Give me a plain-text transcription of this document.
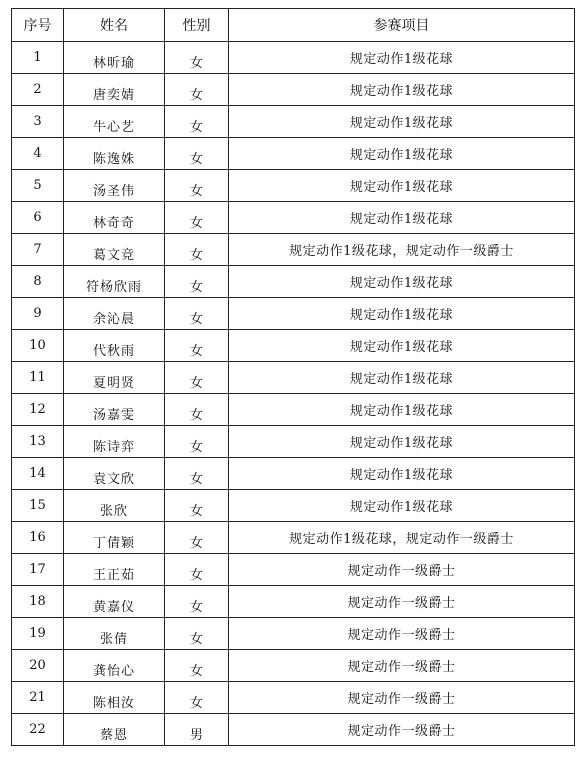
序号	姓名	性别	参赛项目
1	林昕瑜	女	规定动作1级花球
2	唐奕婧	女	规定动作1级花球
3	牛心艺	女	规定动作1级花球
4	陈逸姝	女	规定动作1级花球
5	汤圣伟	女	规定动作1级花球
6	林奇奇	女	规定动作1级花球
7	葛文竞	女	规定动作1级花球，规定动作一级爵士
8	符杨欣雨	女	规定动作1级花球
9	余沁晨	女	规定动作1级花球
10	代秋雨	女	规定动作1级花球
11	夏明贤	女	规定动作1级花球
12	汤嘉雯	女	规定动作1级花球
13	陈诗弈	女	规定动作1级花球
14	袁文欣	女	规定动作1级花球
15	张欣	女	规定动作1级花球
16	丁倩颖	女	规定动作1级花球，规定动作一级爵士
17	王正茹	女	规定动作一级爵士
18	黄嘉仪	女	规定动作一级爵士
19	张倩	女	规定动作一级爵士
20	龚怡心	女	规定动作一级爵士
21	陈相汝	女	规定动作一级爵士
22	蔡恩	男	规定动作一级爵士
